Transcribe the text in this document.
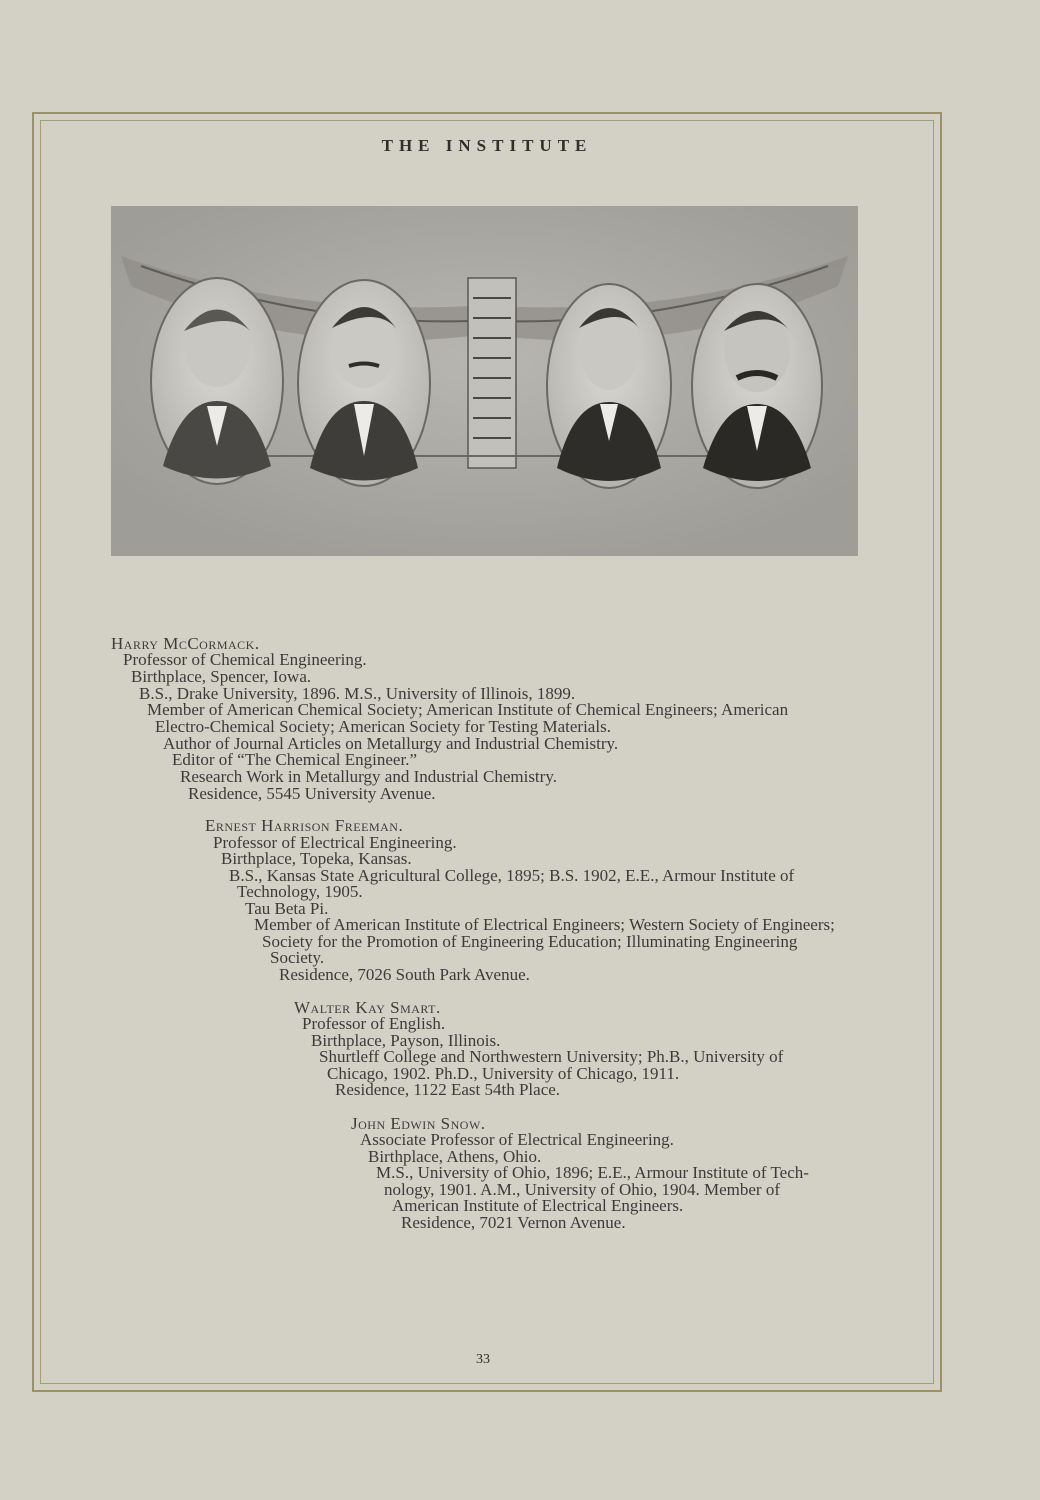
THE INSTITUTE
Harry McCormack.
Professor of Chemical Engineering.
Birthplace, Spencer, Iowa.
B.S., Drake University, 1896. M.S., University of Illinois, 1899.
Member of American Chemical Society; American Institute of Chemical Engineers; American
Electro-Chemical Society; American Society for Testing Materials.
Author of Journal Articles on Metallurgy and Industrial Chemistry.
Editor of “The Chemical Engineer.”
Research Work in Metallurgy and Industrial Chemistry.
Residence, 5545 University Avenue.
Ernest Harrison Freeman.
Professor of Electrical Engineering.
Birthplace, Topeka, Kansas.
B.S., Kansas State Agricultural College, 1895; B.S. 1902, E.E., Armour Institute of
Technology, 1905.
Tau Beta Pi.
Member of American Institute of Electrical Engineers; Western Society of Engineers;
Society for the Promotion of Engineering Education; Illuminating Engineering
Society.
Residence, 7026 South Park Avenue.
Walter Kay Smart.
Professor of English.
Birthplace, Payson, Illinois.
Shurtleff College and Northwestern University; Ph.B., University of
Chicago, 1902. Ph.D., University of Chicago, 1911.
Residence, 1122 East 54th Place.
John Edwin Snow.
Associate Professor of Electrical Engineering.
Birthplace, Athens, Ohio.
M.S., University of Ohio, 1896; E.E., Armour Institute of Tech-
nology, 1901. A.M., University of Ohio, 1904. Member of
American Institute of Electrical Engineers.
Residence, 7021 Vernon Avenue.
33
